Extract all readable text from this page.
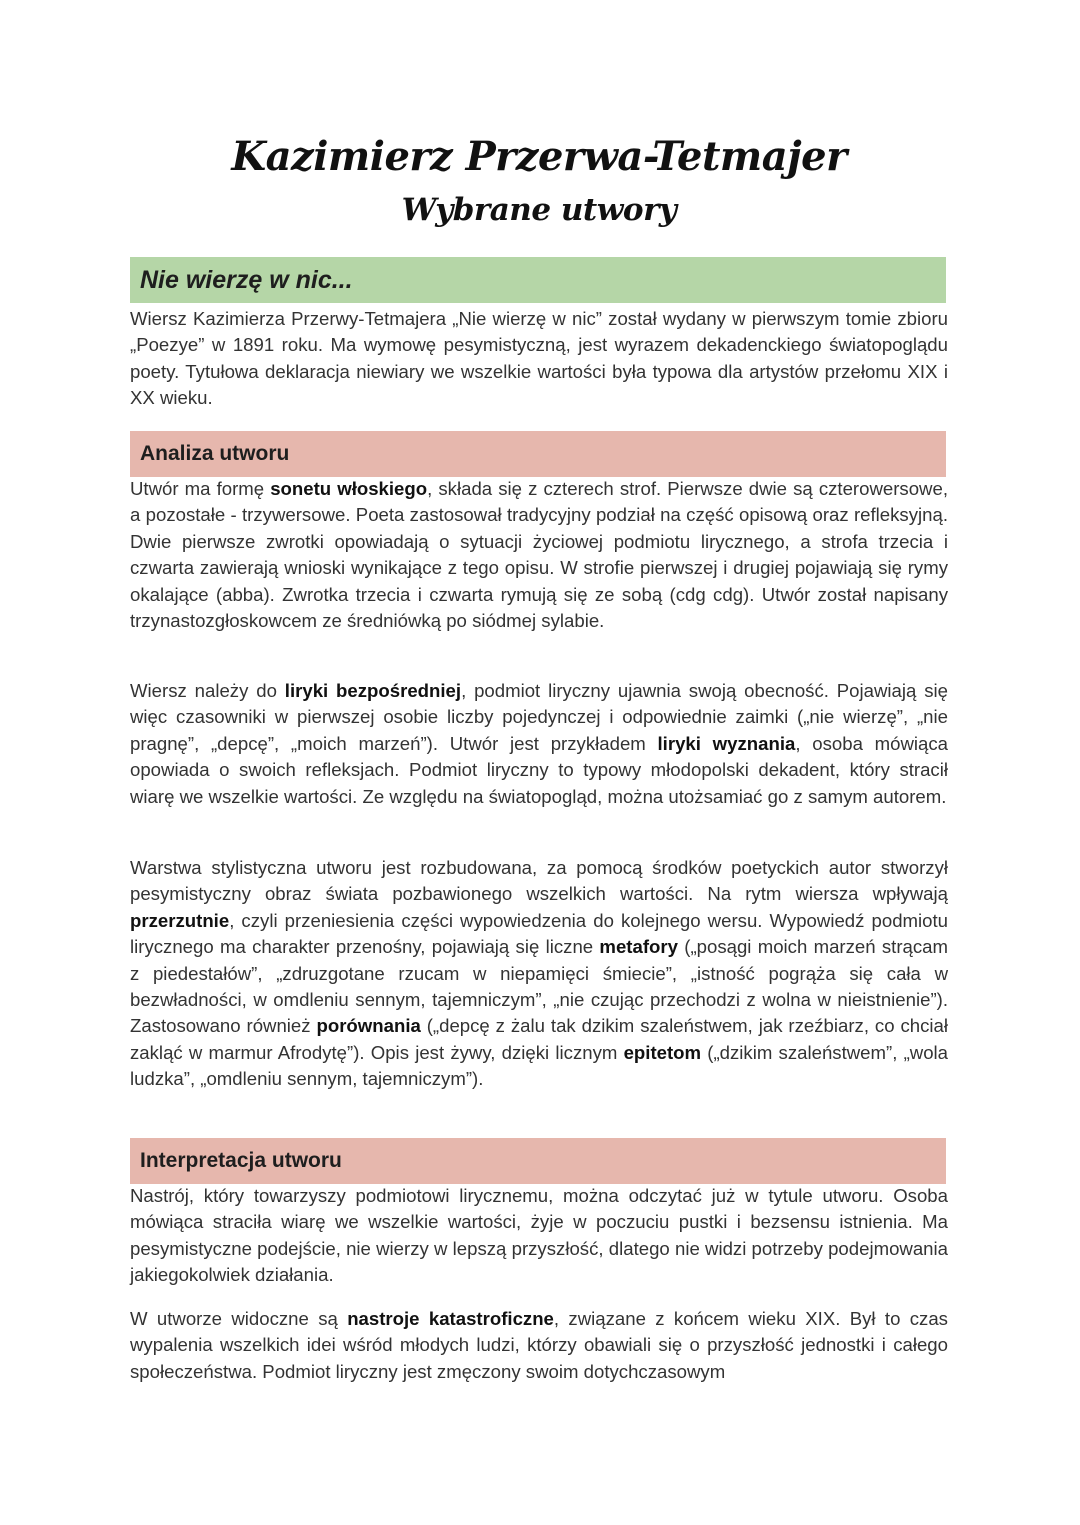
Kazimierz Przerwa-Tetmajer
Wybrane utwory
Nie wierzę w nic...

Wiersz Kazimierza Przerwy-Tetmajera „Nie wierzę w nic” został wydany w pierwszym tomie zbioru „Poezye” w 1891 roku. Ma wymowę pesymistyczną, jest wyrazem dekadenckiego światopoglądu poety. Tytułowa deklaracja niewiary we wszelkie wartości była typowa dla artystów przełomu XIX i XX wieku.

Analiza utworu

Utwór ma formę sonetu włoskiego, składa się z czterech strof. Pierwsze dwie są czterowersowe, a pozostałe - trzywersowe. Poeta zastosował tradycyjny podział na część opisową oraz refleksyjną. Dwie pierwsze zwrotki opowiadają o sytuacji życiowej podmiotu lirycznego, a strofa trzecia i czwarta zawierają wnioski wynikające z tego opisu. W strofie pierwszej i drugiej pojawiają się rymy okalające (abba). Zwrotka trzecia i czwarta rymują się ze sobą (cdg cdg). Utwór został napisany trzynastozgłoskowcem ze średniówką po siódmej sylabie.

Wiersz należy do liryki bezpośredniej, podmiot liryczny ujawnia swoją obecność. Pojawiają się więc czasowniki w pierwszej osobie liczby pojedynczej i odpowiednie zaimki („nie wierzę”, „nie pragnę”, „depcę”, „moich marzeń”). Utwór jest przykładem liryki wyznania, osoba mówiąca opowiada o swoich refleksjach. Podmiot liryczny to typowy młodopolski dekadent, który stracił wiarę we wszelkie wartości. Ze względu na światopogląd, można utożsamiać go z samym autorem.

Warstwa stylistyczna utworu jest rozbudowana, za pomocą środków poetyckich autor stworzył pesymistyczny obraz świata pozbawionego wszelkich wartości. Na rytm wiersza wpływają przerzutnie, czyli przeniesienia części wypowiedzenia do kolejnego wersu. Wypowiedź podmiotu lirycznego ma charakter przenośny, pojawiają się liczne metafory („posągi moich marzeń strącam z piedestałów”, „zdruzgotane rzucam w niepamięci śmiecie”, „istność pogrąża się cała w bezwładności, w omdleniu sennym, tajemniczym”, „nie czując przechodzi z wolna w nieistnienie”). Zastosowano również porównania („depcę z żalu tak dzikim szaleństwem, jak rzeźbiarz, co chciał zakląć w marmur Afrodytę”). Opis jest żywy, dzięki licznym epitetom („dzikim szaleństwem”, „wola ludzka”, „omdleniu sennym, tajemniczym”).

Interpretacja utworu

Nastrój, który towarzyszy podmiotowi lirycznemu, można odczytać już w tytule utworu. Osoba mówiąca straciła wiarę we wszelkie wartości, żyje w poczuciu pustki i bezsensu istnienia. Ma pesymistyczne podejście, nie wierzy w lepszą przyszłość, dlatego nie widzi potrzeby podejmowania jakiegokolwiek działania.

W utworze widoczne są nastroje katastroficzne, związane z końcem wieku XIX. Był to czas wypalenia wszelkich idei wśród młodych ludzi, którzy obawiali się o przyszłość jednostki i całego społeczeństwa. Podmiot liryczny jest zmęczony swoim dotychczasowym
